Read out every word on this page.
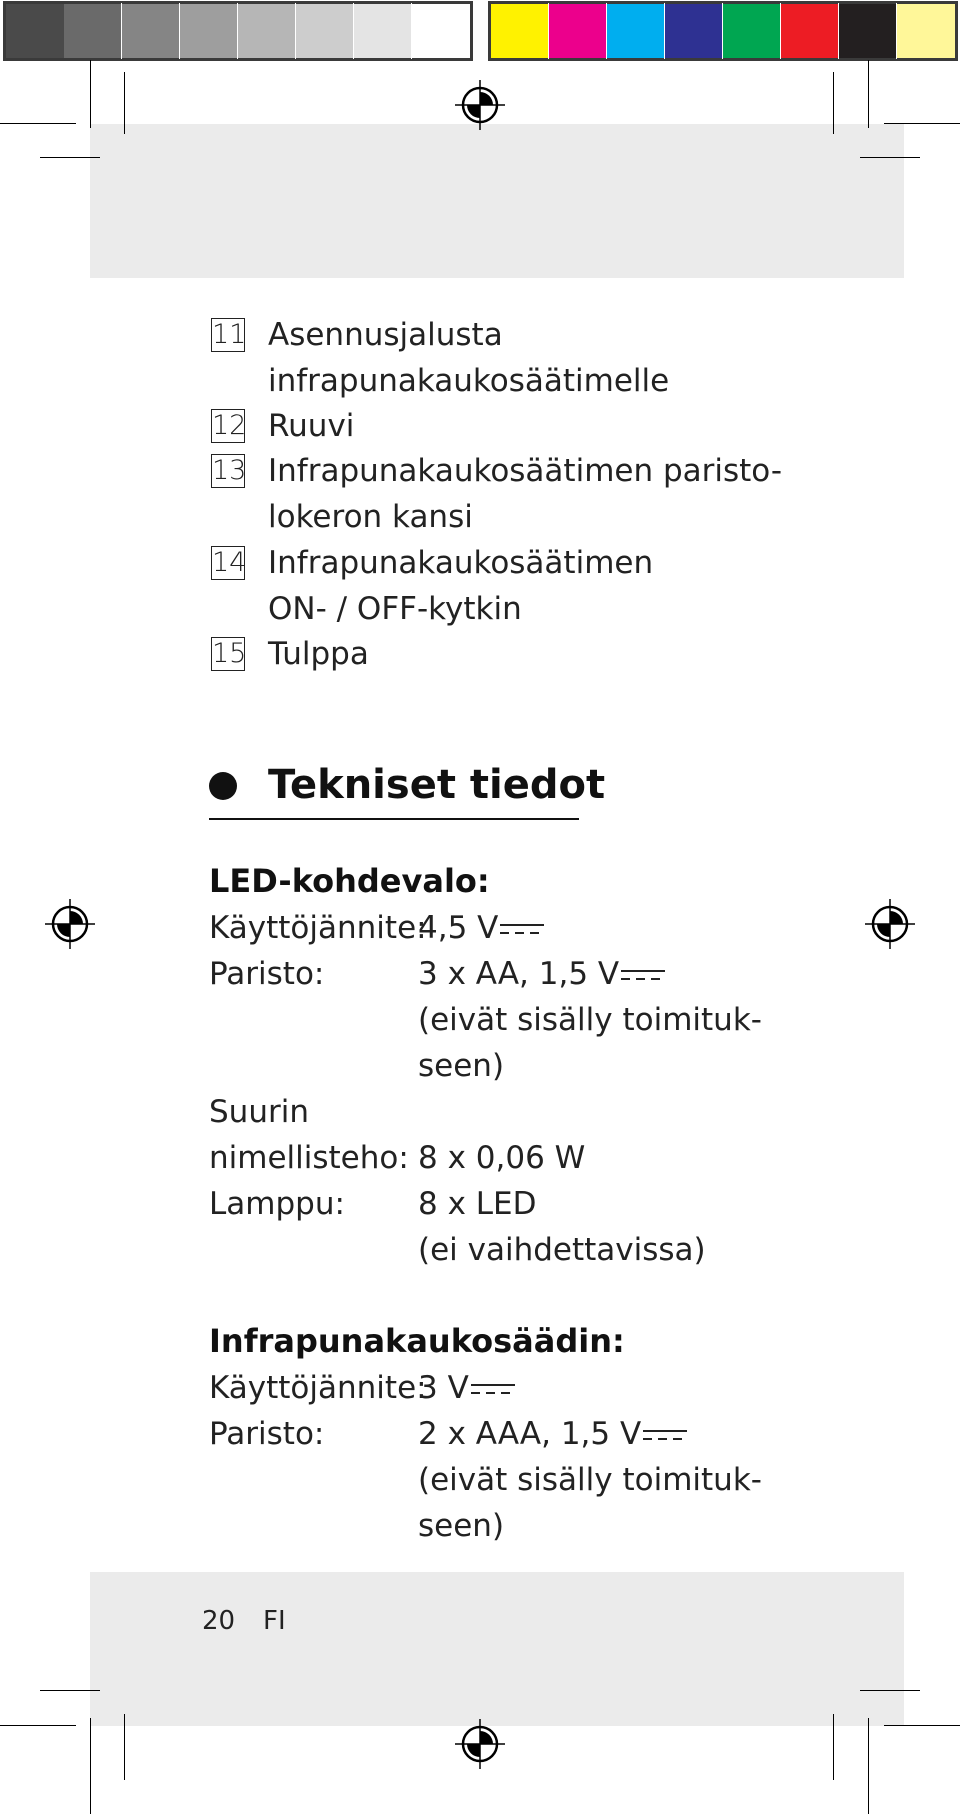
11 Asennusjalusta
infrapunakaukosäätimelle
12 Ruuvi
13 Infrapunakaukosäätimen paristo-
lokeron kansi
14 Infrapunakaukosäätimen
ON- / OFF-kytkin
15 Tulppa
Tekniset tiedot
LED-kohdevalo:
Käyttöjännite:
4,5 V
Paristo:	3 x AA, 1,5 V
(eivät sisälly toimituk-
seen)
Suurin
nimellisteho: 8 x 0,06 W
Lamppu: 8 x LED
(ei vaihdettavissa)
Infrapunakaukosäädin:
Käyttöjännite:
3 V
Paristo:	2 x AAA, 1,5 V
(eivät sisälly toimituk-
seen)
20 FI
